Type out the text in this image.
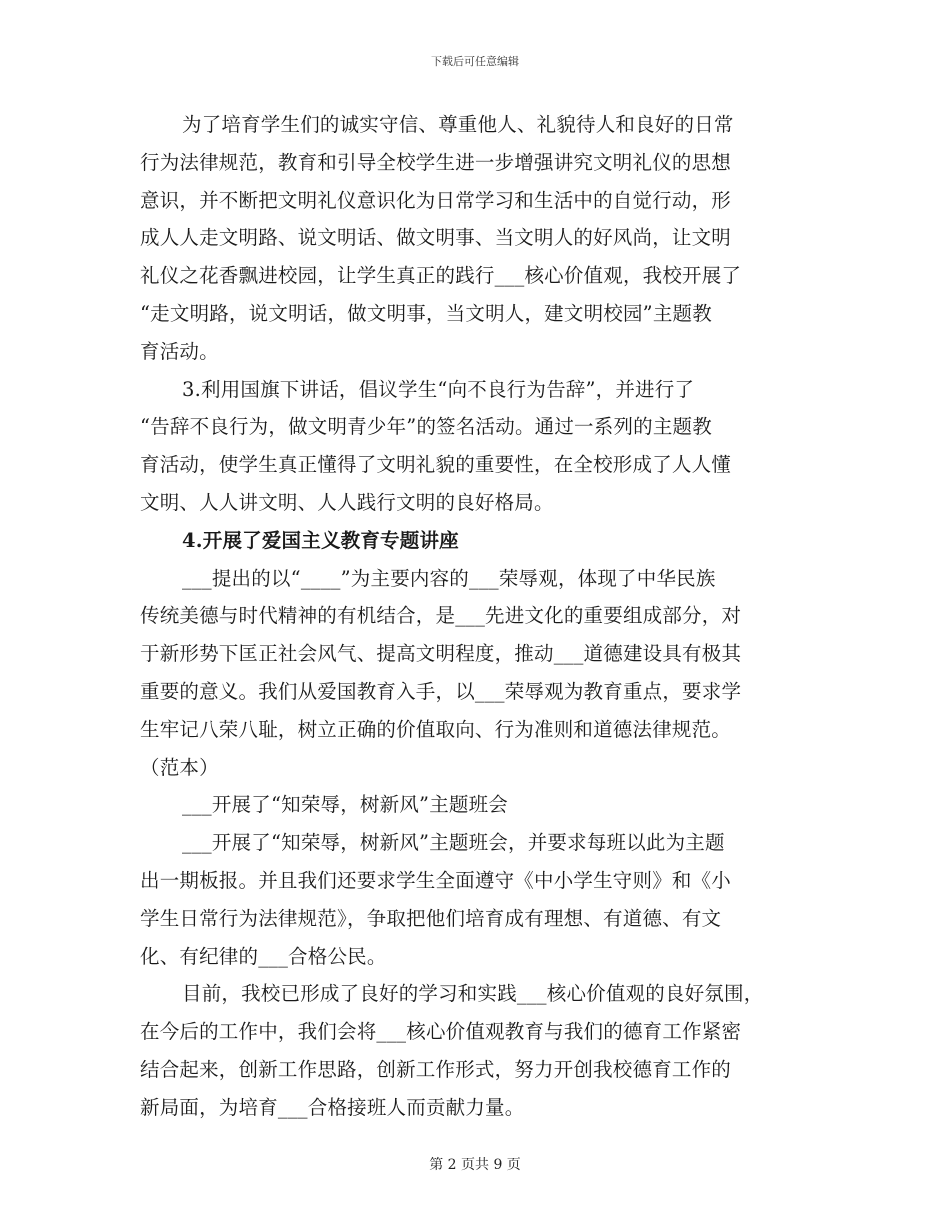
下载后可任意编辑
为了培育学生们的诚实守信、尊重他人、礼貌待人和良好的日常
行为法律规范，教育和引导全校学生进一步增强讲究文明礼仪的思想
意识，并不断把文明礼仪意识化为日常学习和生活中的自觉行动，形
成人人走文明路、说文明话、做文明事、当文明人的好风尚，让文明
礼仪之花香飘进校园，让学生真正的践行___核心价值观，我校开展了
“走文明路，说文明话，做文明事，当文明人，建文明校园”主题教
育活动。
3.利用国旗下讲话，倡议学生“向不良行为告辞”，并进行了
“告辞不良行为，做文明青少年”的签名活动。通过一系列的主题教
育活动，使学生真正懂得了文明礼貌的重要性，在全校形成了人人懂
文明、人人讲文明、人人践行文明的良好格局。
4.开展了爱国主义教育专题讲座
___提出的以“____”为主要内容的___荣辱观，体现了中华民族
传统美德与时代精神的有机结合，是___先进文化的重要组成部分，对
于新形势下匡正社会风气、提高文明程度，推动___道德建设具有极其
重要的意义。我们从爱国教育入手，以___荣辱观为教育重点，要求学
生牢记八荣八耻，树立正确的价值取向、行为准则和道德法律规范。
（范本）
___开展了“知荣辱，树新风”主题班会
___开展了“知荣辱，树新风”主题班会，并要求每班以此为主题
出一期板报。并且我们还要求学生全面遵守《中小学生守则》和《小
学生日常行为法律规范》，争取把他们培育成有理想、有道德、有文
化、有纪律的___合格公民。
目前，我校已形成了良好的学习和实践___核心价值观的良好氛围，
在今后的工作中，我们会将___核心价值观教育与我们的德育工作紧密
结合起来，创新工作思路，创新工作形式，努力开创我校德育工作的
新局面，为培育___合格接班人而贡献力量。
第 2 页共 9 页
